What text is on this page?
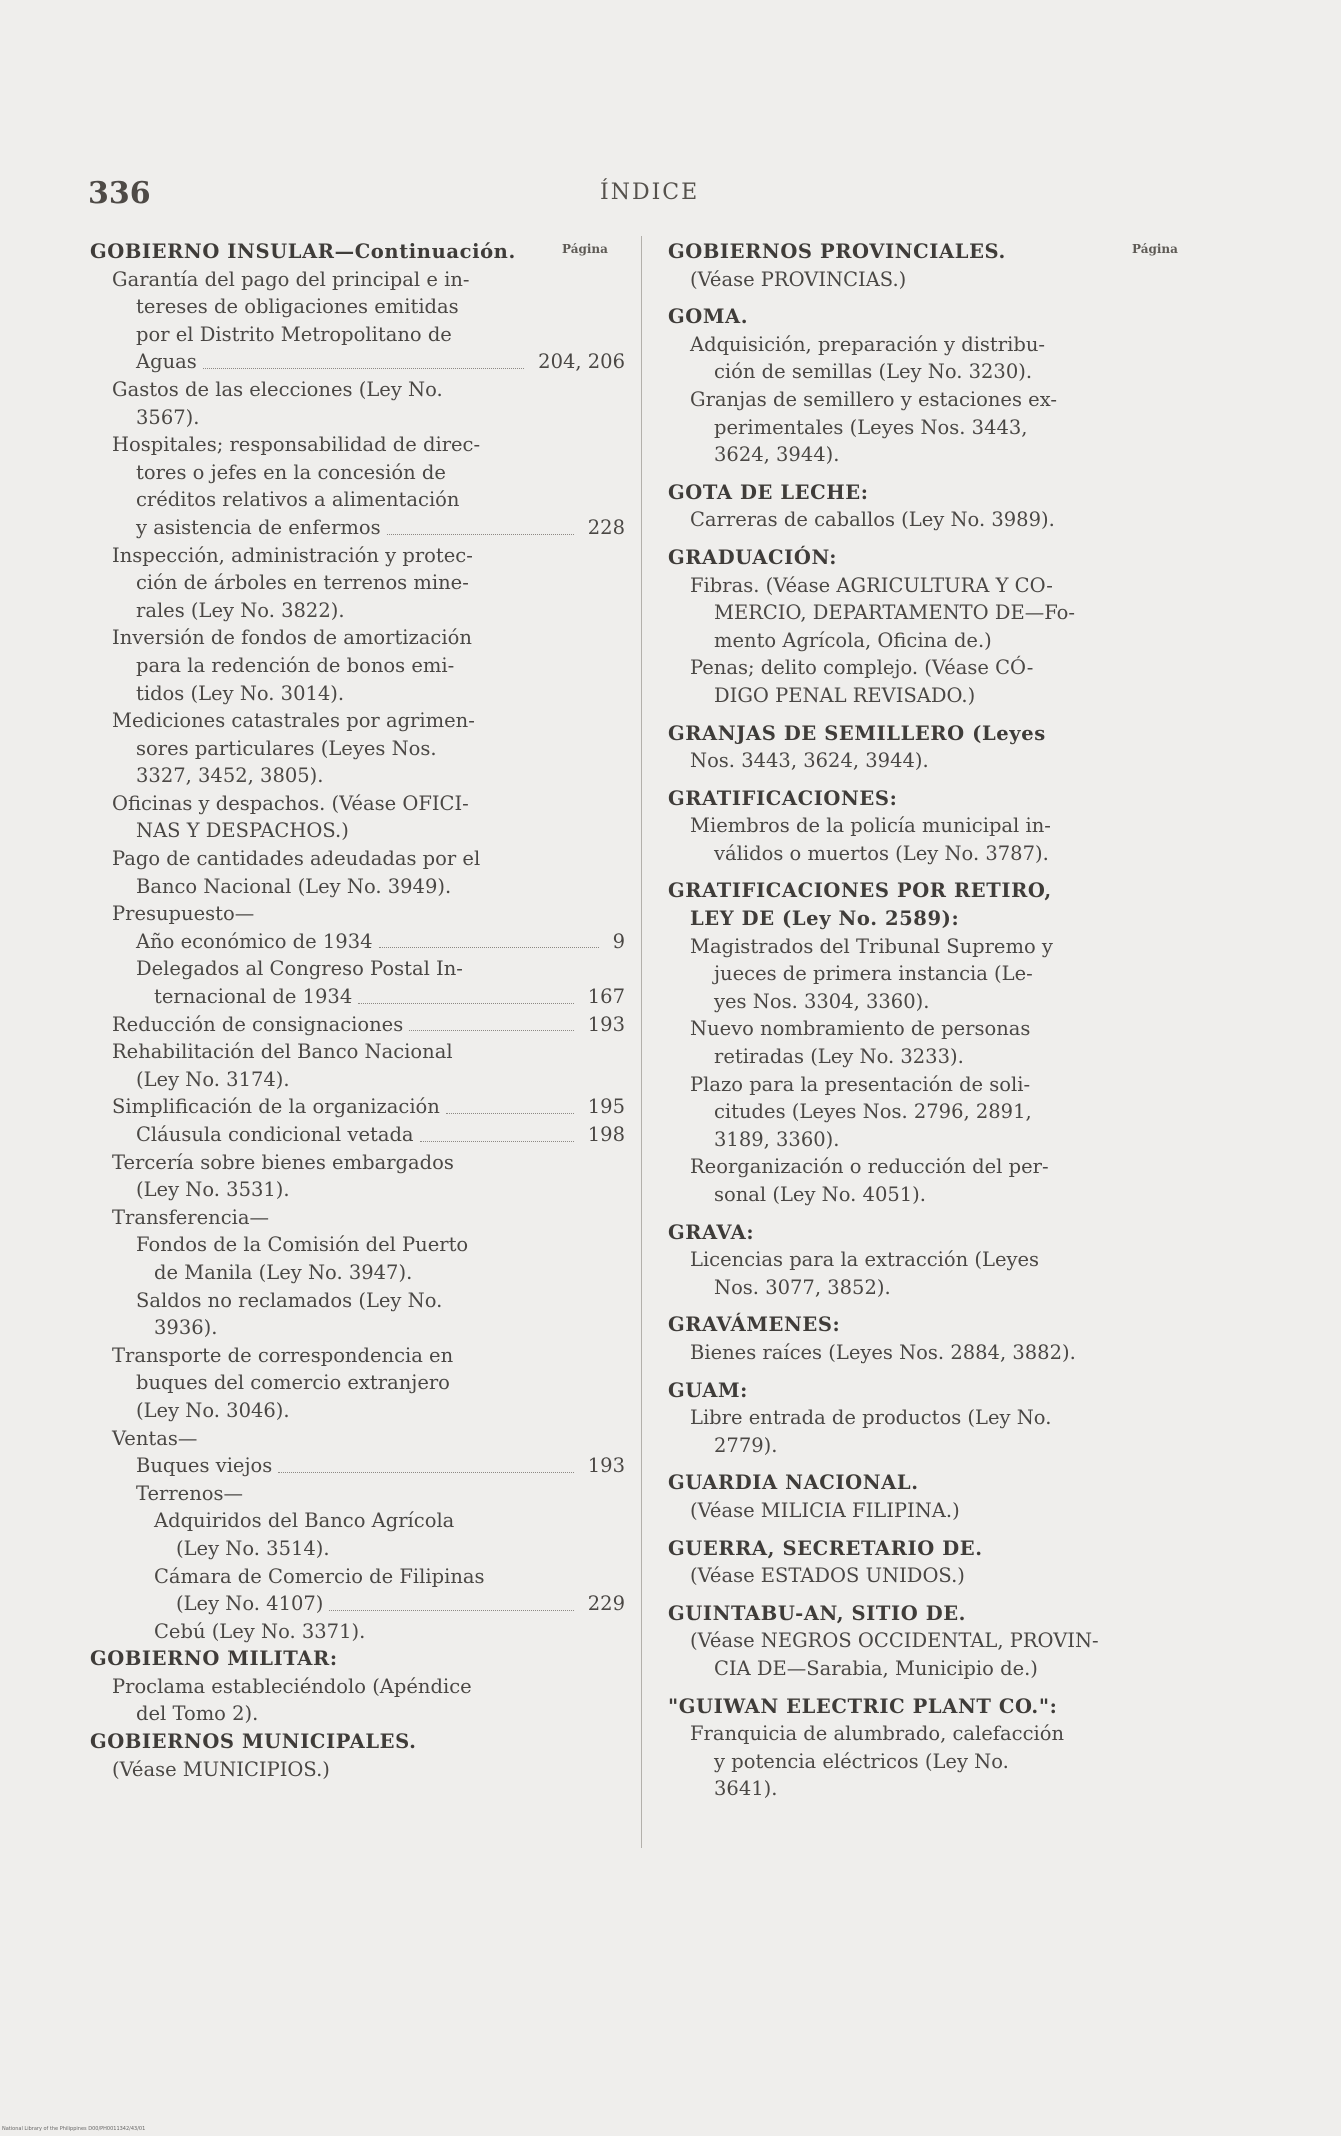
336	ÍNDICE
Página	Página
GOBIERNO INSULAR—Continuación.
Garantía del pago del principal e in-
tereses de obligaciones emitidas
por el Distrito Metropolitano de
Aguas	204, 206
Gastos de las elecciones (Ley No.
3567).
Hospitales; responsabilidad de direc-
tores o jefes en la concesión de
créditos relativos a alimentación
y asistencia de enfermos	228
Inspección, administración y protec-
ción de árboles en terrenos mine-
rales (Ley No. 3822).
Inversión de fondos de amortización
para la redención de bonos emi-
tidos (Ley No. 3014).
Mediciones catastrales por agrimen-
sores particulares (Leyes Nos.
3327, 3452, 3805).
Oficinas y despachos. (Véase OFICI-
NAS Y DESPACHOS.)
Pago de cantidades adeudadas por el
Banco Nacional (Ley No. 3949).
Presupuesto—
Año económico de 1934	9
Delegados al Congreso Postal In-
ternacional de 1934	167
Reducción de consignaciones	193
Rehabilitación del Banco Nacional
(Ley No. 3174).
Simplificación de la organización	195
Cláusula condicional vetada	198
Tercería sobre bienes embargados
(Ley No. 3531).
Transferencia—
Fondos de la Comisión del Puerto
de Manila (Ley No. 3947).
Saldos no reclamados (Ley No.
3936).
Transporte de correspondencia en
buques del comercio extranjero
(Ley No. 3046).
Ventas—
Buques viejos	193
Terrenos—
Adquiridos del Banco Agrícola
(Ley No. 3514).
Cámara de Comercio de Filipinas
(Ley No. 4107)	229
Cebú (Ley No. 3371).
GOBIERNO MILITAR:
Proclama estableciéndolo (Apéndice
del Tomo 2).
GOBIERNOS MUNICIPALES.
(Véase MUNICIPIOS.)
GOBIERNOS PROVINCIALES.
(Véase PROVINCIAS.)
GOMA.
Adquisición, preparación y distribu-
ción de semillas (Ley No. 3230).
Granjas de semillero y estaciones ex-
perimentales (Leyes Nos. 3443,
3624, 3944).
GOTA DE LECHE:
Carreras de caballos (Ley No. 3989).
GRADUACIÓN:
Fibras. (Véase AGRICULTURA Y CO-
MERCIO, DEPARTAMENTO DE—Fo-
mento Agrícola, Oficina de.)
Penas; delito complejo. (Véase CÓ-
DIGO PENAL REVISADO.)
GRANJAS DE SEMILLERO (Leyes
Nos. 3443, 3624, 3944).
GRATIFICACIONES:
Miembros de la policía municipal in-
válidos o muertos (Ley No. 3787).
GRATIFICACIONES POR RETIRO,
LEY DE (Ley No. 2589):
Magistrados del Tribunal Supremo y
jueces de primera instancia (Le-
yes Nos. 3304, 3360).
Nuevo nombramiento de personas
retiradas (Ley No. 3233).
Plazo para la presentación de soli-
citudes (Leyes Nos. 2796, 2891,
3189, 3360).
Reorganización o reducción del per-
sonal (Ley No. 4051).
GRAVA:
Licencias para la extracción (Leyes
Nos. 3077, 3852).
GRAVÁMENES:
Bienes raíces (Leyes Nos. 2884, 3882).
GUAM:
Libre entrada de productos (Ley No.
2779).
GUARDIA NACIONAL.
(Véase MILICIA FILIPINA.)
GUERRA, SECRETARIO DE.
(Véase ESTADOS UNIDOS.)
GUINTABU-AN, SITIO DE.
(Véase NEGROS OCCIDENTAL, PROVIN-
CIA DE—Sarabia, Municipio de.)
"GUIWAN ELECTRIC PLANT CO.":
Franquicia de alumbrado, calefacción
y potencia eléctricos (Ley No.
3641).
National Library of the Philippines D00/PH0011342/43/01
